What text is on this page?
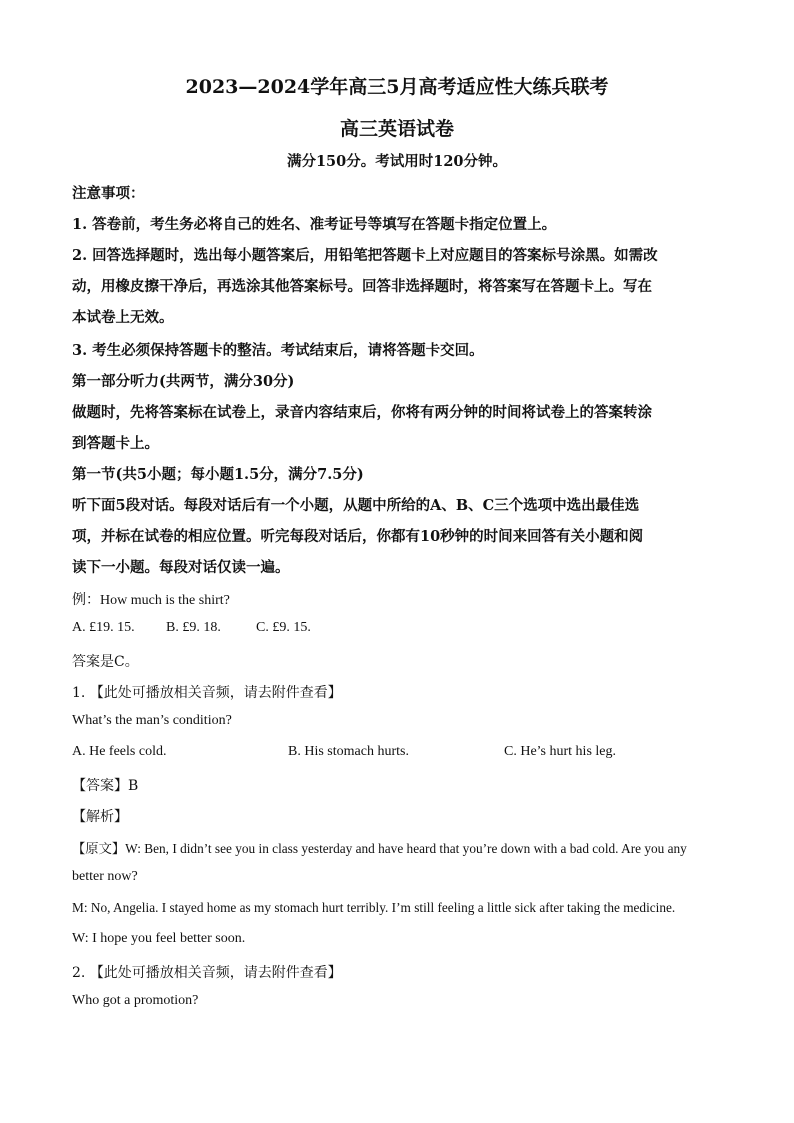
2023—2024学年高三5月高考适应性大练兵联考
高三英语试卷
满分150分。考试用时120分钟。
注意事项：
1. 答卷前，考生务必将自己的姓名、准考证号等填写在答题卡指定位置上。
2. 回答选择题时，选出每小题答案后，用铅笔把答题卡上对应题目的答案标号涂黑。如需改
动，用橡皮擦干净后，再选涂其他答案标号。回答非选择题时，将答案写在答题卡上。写在
本试卷上无效。
3. 考生必须保持答题卡的整洁。考试结束后，请将答题卡交回。
第一部分听力(共两节，满分30分)
做题时，先将答案标在试卷上，录音内容结束后，你将有两分钟的时间将试卷上的答案转涂
到答题卡上。
第一节(共5小题；每小题1.5分，满分7.5分)
听下面5段对话。每段对话后有一个小题，从题中所给的A、B、C三个选项中选出最佳选
项，并标在试卷的相应位置。听完每段对话后，你都有10秒钟的时间来回答有关小题和阅
读下一小题。每段对话仅读一遍。
例：How much is the shirt?
A. £19. 15. B. £9. 18.	C. £9. 15.
答案是C。
1. 【此处可播放相关音频，请去附件查看】
What’s the man’s condition?
A. He feels cold.	B. His stomach hurts.	C. He’s hurt his leg.
【答案】B
【解析】
【原文】W: Ben, I didn’t see you in class yesterday and have heard that you’re down with a bad cold. Are you any
better now?
M: No, Angelia. I stayed home as my stomach hurt terribly. I’m still feeling a little sick after taking the medicine.
W: I hope you feel better soon.
2. 【此处可播放相关音频，请去附件查看】
Who got a promotion?
